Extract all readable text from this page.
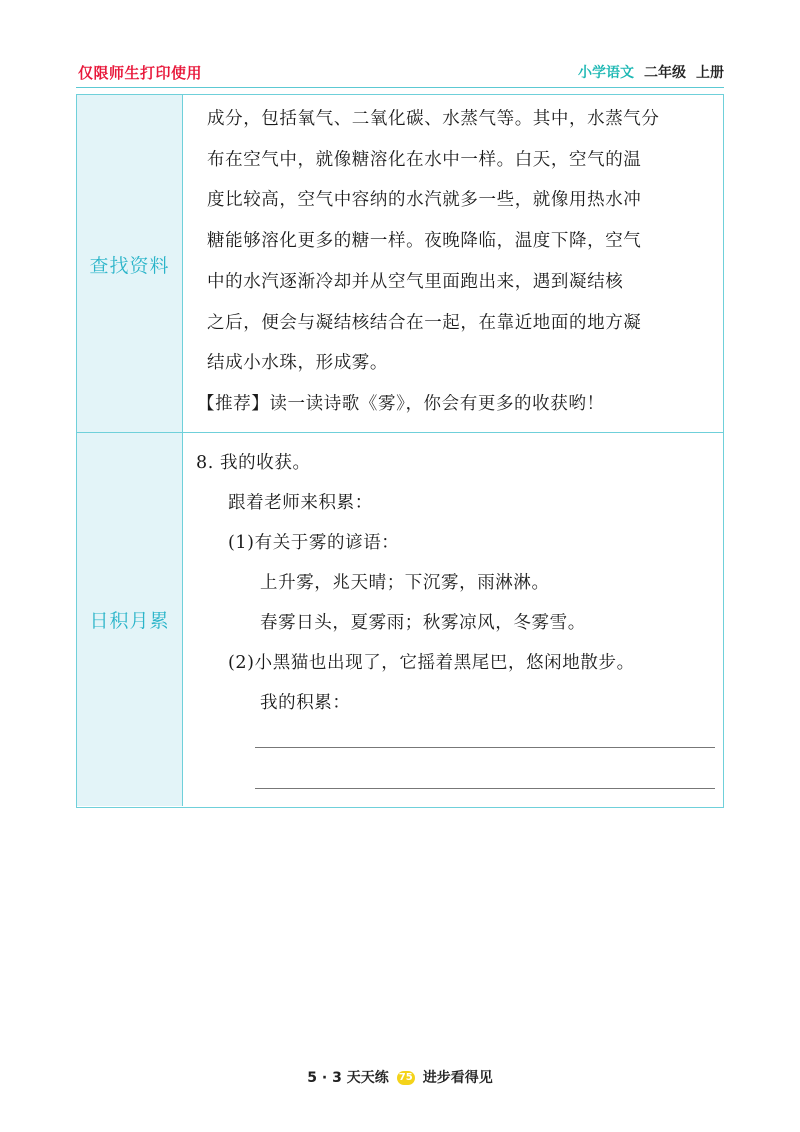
仅限师生打印使用	小学语文 二年级 上册
查找资料
日积月累
成分，包括氧气、二氧化碳、水蒸气等。其中，水蒸气分
布在空气中，就像糖溶化在水中一样。白天，空气的温
度比较高，空气中容纳的水汽就多一些，就像用热水冲
糖能够溶化更多的糖一样。夜晚降临，温度下降，空气
中的水汽逐渐冷却并从空气里面跑出来，遇到凝结核
之后，便会与凝结核结合在一起，在靠近地面的地方凝
结成小水珠，形成雾。
【推荐】读一读诗歌《雾》，你会有更多的收获哟！
8. 我的收获。
跟着老师来积累：
(1)有关于雾的谚语：
上升雾，兆天晴；下沉雾，雨淋淋。
春雾日头，夏雾雨；秋雾凉风，冬雾雪。
(2)小黑猫也出现了，它摇着黑尾巴，悠闲地散步。
我的积累：
5 · 3 天天练 75 进步看得见
